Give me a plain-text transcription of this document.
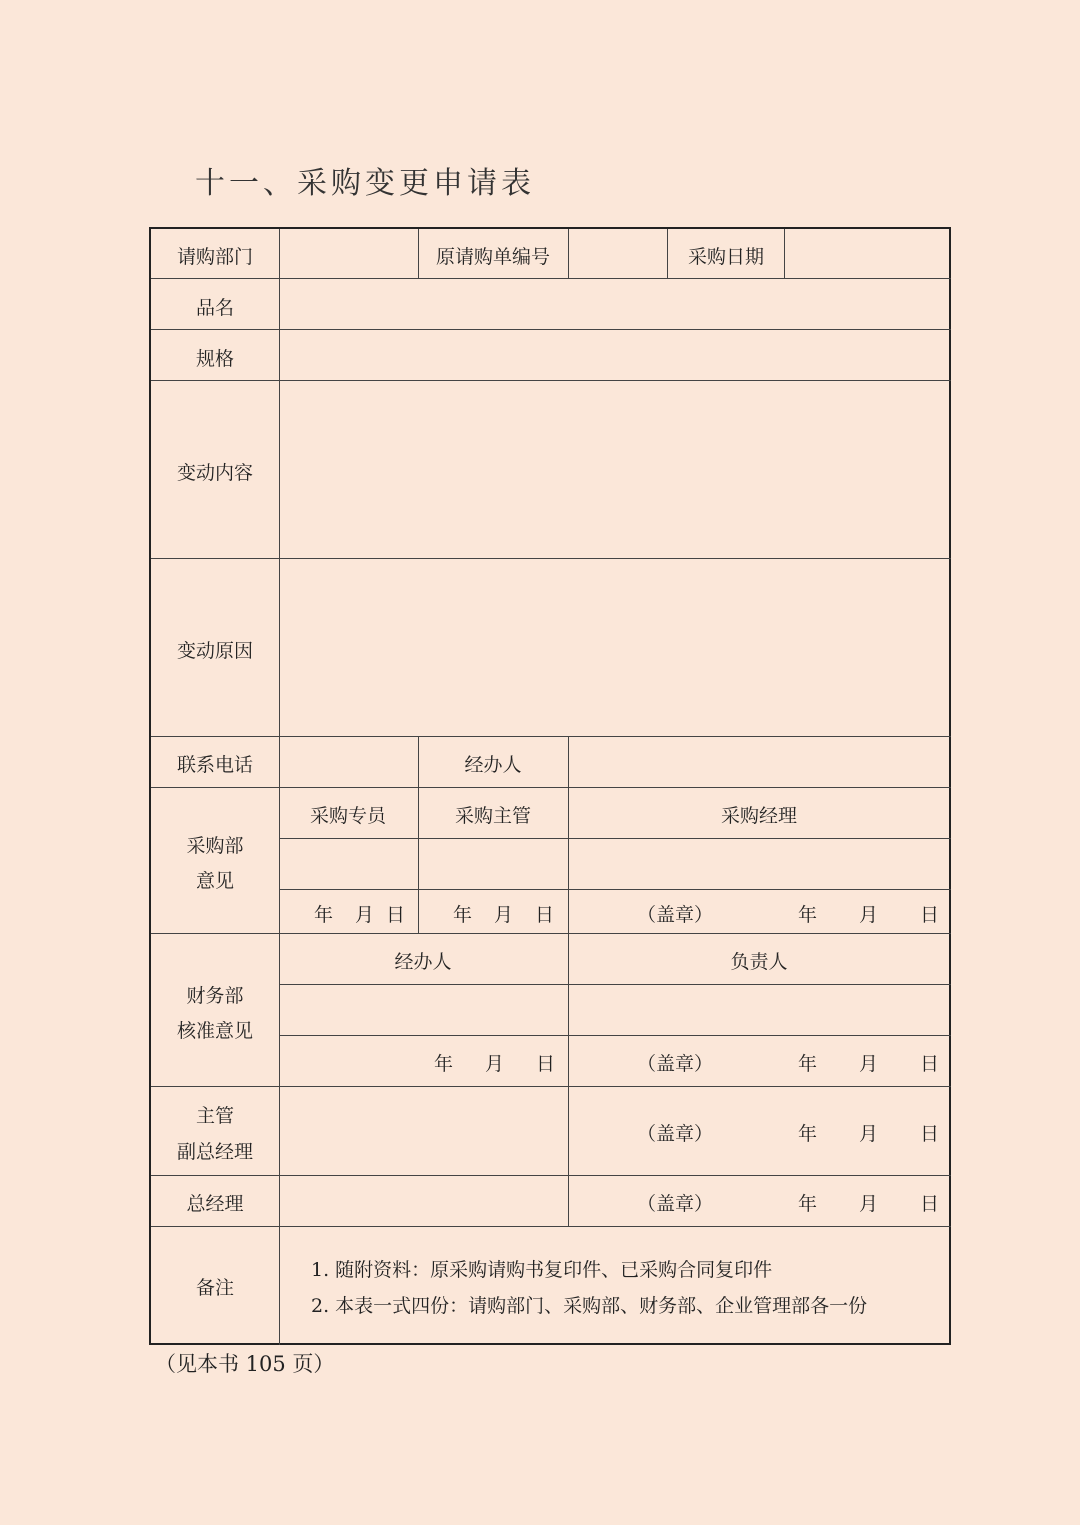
十一、采购变更申请表
请购部门	原请购单编号	采购日期
品名
规格
变动内容
变动原因
联系电话	经办人
采购部
意见
采购专员	采购主管	采购经理
年 月 日	年 月 日	（盖章）	年 月 日
财务部
核准意见
经办人	负责人
年 月 日	（盖章）	年 月 日
主管
副总经理
（盖章）	年 月 日
总经理	（盖章）	年 月 日
备注
1. 随附资料：原采购请购书复印件、已采购合同复印件
2. 本表一式四份：请购部门、采购部、财务部、企业管理部各一份
（见本书 105 页）
